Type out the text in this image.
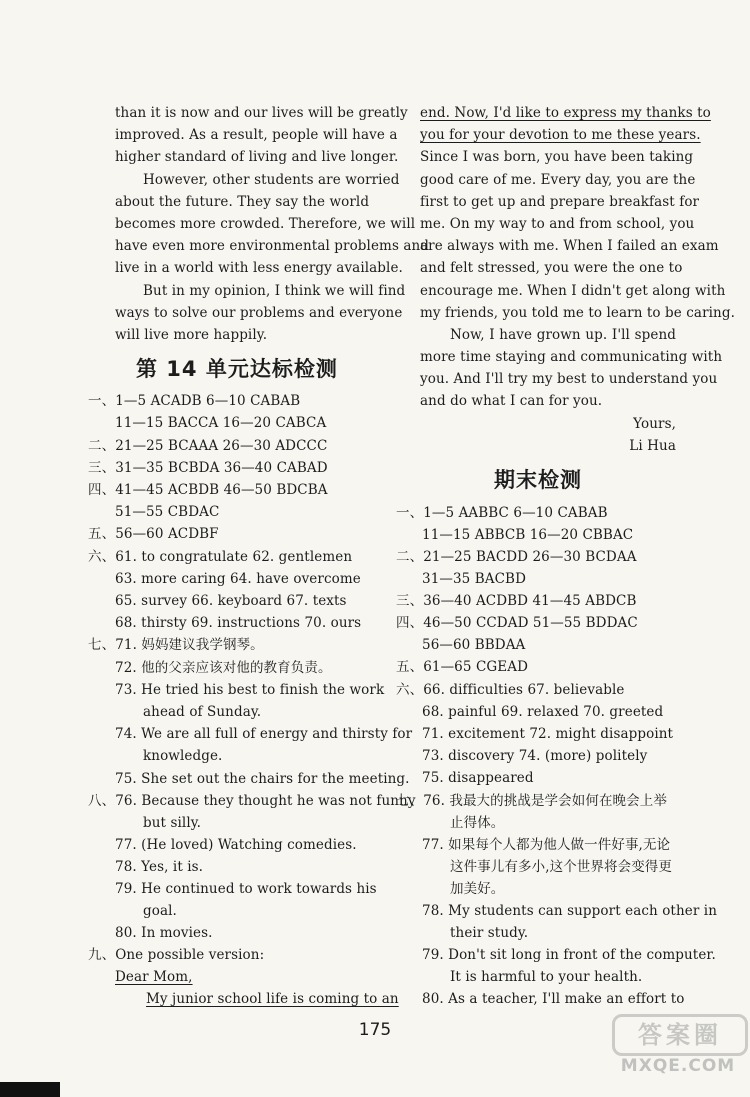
than it is now and our lives will be greatly
improved. As a result, people will have a
higher standard of living and live longer.
However, other students are worried
about the future. They say the world
becomes more crowded. Therefore, we will
have even more environmental problems and
live in a world with less energy available.
But in my opinion, I think we will find
ways to solve our problems and everyone
will live more happily.
第 14 单元达标检测
一、1—5 ACADB 6—10 CABAB
11—15 BACCA 16—20 CABCA
二、21—25 BCAAA 26—30 ADCCC
三、31—35 BCBDA 36—40 CABAD
四、41—45 ACBDB 46—50 BDCBA
51—55 CBDAC
五、56—60 ACDBF
六、61. to congratulate 62. gentlemen
63. more caring 64. have overcome
65. survey 66. keyboard 67. texts
68. thirsty 69. instructions 70. ours
七、71. 妈妈建议我学钢琴。
72. 他的父亲应该对他的教育负责。
73. He tried his best to finish the work
ahead of Sunday.
74. We are all full of energy and thirsty for
knowledge.
75. She set out the chairs for the meeting.
八、76. Because they thought he was not funny
but silly.
77. (He loved) Watching comedies.
78. Yes, it is.
79. He continued to work towards his
goal.
80. In movies.
九、One possible version:
Dear Mom,
My junior school life is coming to an
end. Now, I'd like to express my thanks to
you for your devotion to me these years.
Since I was born, you have been taking
good care of me. Every day, you are the
first to get up and prepare breakfast for
me. On my way to and from school, you
are always with me. When I failed an exam
and felt stressed, you were the one to
encourage me. When I didn't get along with
my friends, you told me to learn to be caring.
Now, I have grown up. I'll spend
more time staying and communicating with
you. And I'll try my best to understand you
and do what I can for you.
Yours,
Li Hua
期末检测
一、1—5 AABBC 6—10 CABAB
11—15 ABBCB 16—20 CBBAC
二、21—25 BACDD 26—30 BCDAA
31—35 BACBD
三、36—40 ACDBD 41—45 ABDCB
四、46—50 CCDAD 51—55 BDDAC
56—60 BBDAA
五、61—65 CGEAD
六、66. difficulties 67. believable
68. painful 69. relaxed 70. greeted
71. excitement 72. might disappoint
73. discovery 74. (more) politely
75. disappeared
七、76. 我最大的挑战是学会如何在晚会上举
止得体。
77. 如果每个人都为他人做一件好事,无论
这件事儿有多小,这个世界将会变得更
加美好。
78. My students can support each other in
their study.
79. Don't sit long in front of the computer.
It is harmful to your health.
80. As a teacher, I'll make an effort to
175	答案圈
MXQE.COM
